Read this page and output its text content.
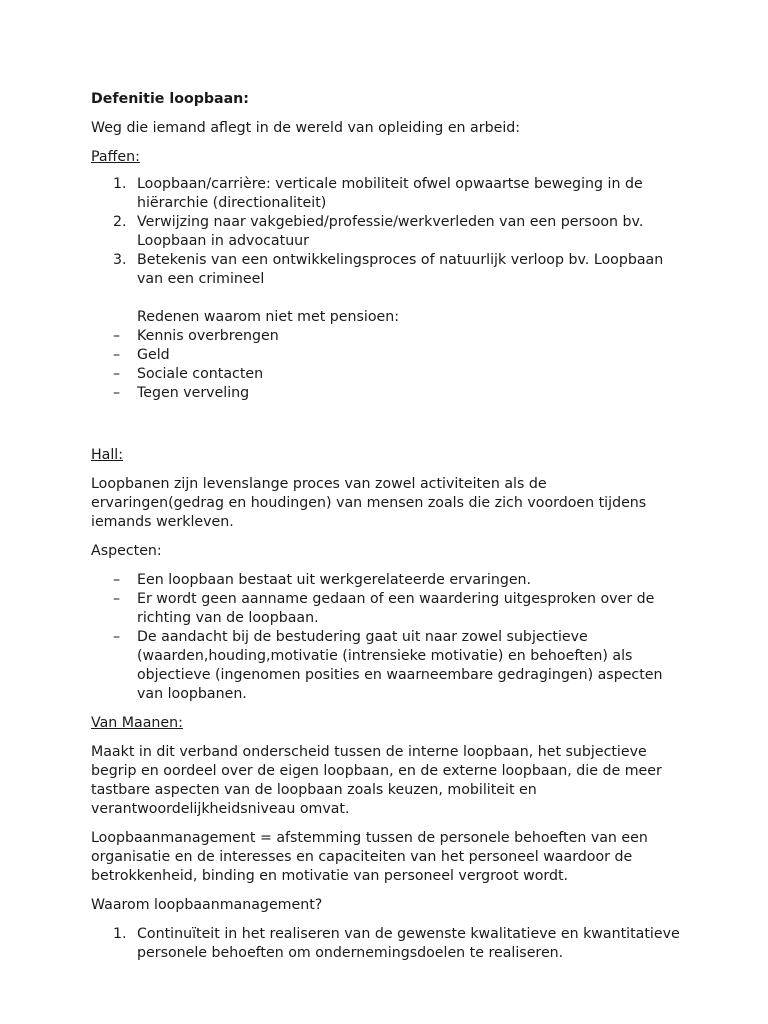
Defenitie loopbaan:

Weg die iemand aflegt in de wereld van opleiding en arbeid:

Paffen:

1. Loopbaan/carrière: verticale mobiliteit ofwel opwaartse beweging in de hiërarchie (directionaliteit)
2. Verwijzing naar vakgebied/professie/werkverleden van een persoon bv. Loopbaan in advocatuur
3. Betekenis van een ontwikkelingsproces of natuurlijk verloop bv. Loopbaan van een crimineel

Redenen waarom niet met pensioen:

– Kennis overbrengen
– Geld
– Sociale contacten
– Tegen verveling

Hall:

Loopbanen zijn levenslange proces van zowel activiteiten als de ervaringen(gedrag en houdingen) van mensen zoals die zich voordoen tijdens iemands werkleven.

Aspecten:

– Een loopbaan bestaat uit werkgerelateerde ervaringen.
– Er wordt geen aanname gedaan of een waardering uitgesproken over de richting van de loopbaan.
– De aandacht bij de bestudering gaat uit naar zowel subjectieve (waarden,houding,motivatie (intrensieke motivatie) en behoeften) als objectieve (ingenomen posities en waarneembare gedragingen) aspecten van loopbanen.

Van Maanen:

Maakt in dit verband onderscheid tussen de interne loopbaan, het subjectieve begrip en oordeel over de eigen loopbaan, en de externe loopbaan, die de meer tastbare aspecten van de loopbaan zoals keuzen, mobiliteit en verantwoordelijkheidsniveau omvat.

Loopbaanmanagement = afstemming tussen de personele behoeften van een organisatie en de interesses en capaciteiten van het personeel waardoor de betrokkenheid, binding en motivatie van personeel vergroot wordt.

Waarom loopbaanmanagement?

1. Continuïteit in het realiseren van de gewenste kwalitatieve en kwantitatieve personele behoeften om ondernemingsdoelen te realiseren.
